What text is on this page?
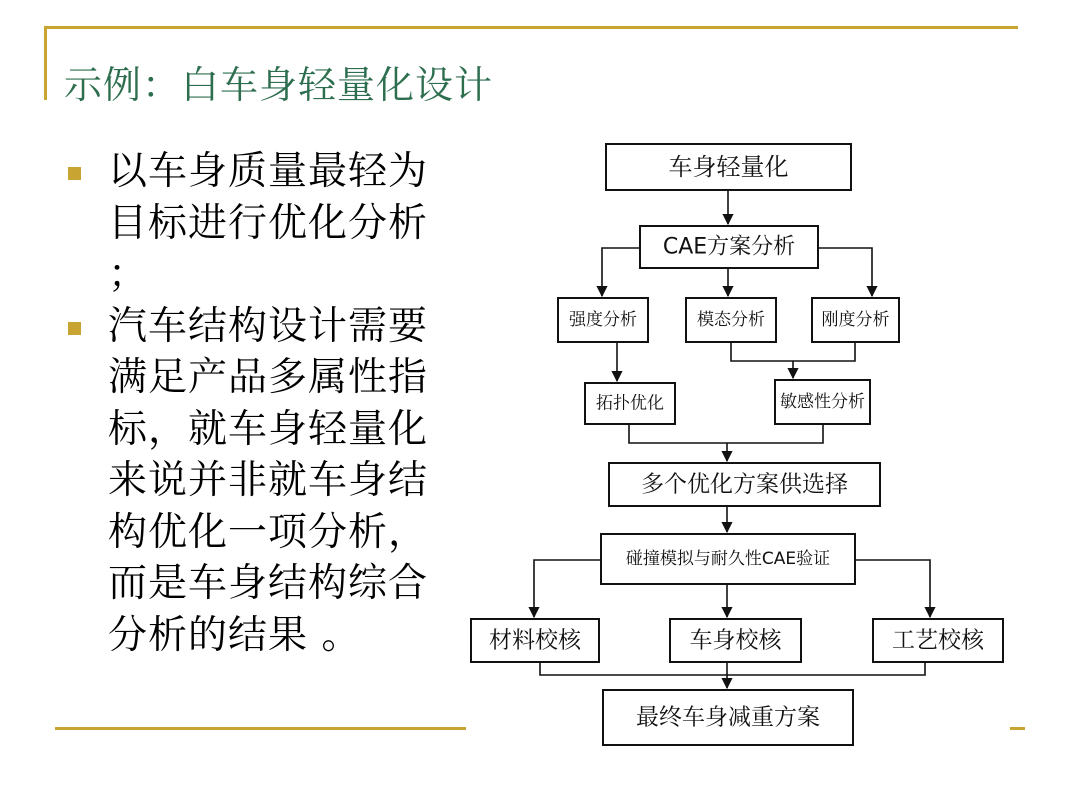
示例：白车身轻量化设计
以车身质量最轻为目标进行优化分析 ；
汽车结构设计需要满足产品多属性指标，就车身轻量化来说并非就车身结构优化一项分析，而是车身结构综合分析的结果 。
车身轻量化
CAE方案分析
强度分析	模态分析	刚度分析
拓扑优化	敏感性分析
多个优化方案供选择
碰撞模拟与耐久性CAE验证
材料校核	车身校核	工艺校核
最终车身减重方案
